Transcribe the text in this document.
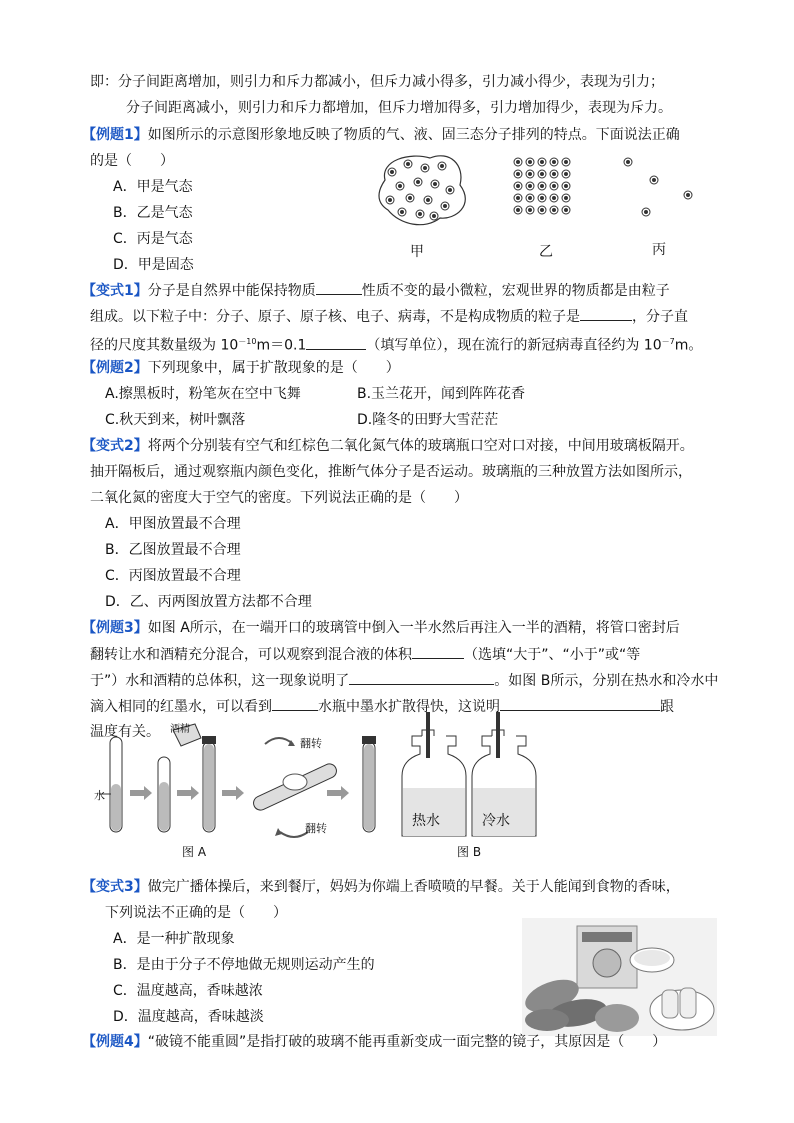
即：分子间距离增加，则引力和斥力都减小，但斥力减小得多，引力减小得少，表现为引力；
分子间距离减小，则引力和斥力都增加，但斥力增加得多，引力增加得少，表现为斥力。
【例题1】如图所示的示意图形象地反映了物质的气、液、固三态分子排列的特点。下面说法正确
的是（　　）
A．甲是气态
B．乙是气态
C．丙是气态
D．甲是固态
甲	乙	丙
【变式1】分子是自然界中能保持物质	性质不变的最小微粒，宏观世界的物质都是由粒子
组成。以下粒子中：分子、原子、原子核、电子、病毒，不是构成物质的粒子是	，分子直
径的尺度其数量级为 $10^{-10}m=0.1$	（填写单位），现在流行的新冠病毒直径约为 $10^{-7}m$。
【例题2】下列现象中，属于扩散现象的是（　　）
A.擦黑板时，粉笔灰在空中飞舞	B.玉兰花开，闻到阵阵花香
C.秋天到来，树叶飘落	D.隆冬的田野大雪茫茫
【变式2】将两个分别装有空气和红棕色二氧化氮气体的玻璃瓶口空对口对接，中间用玻璃板隔开。
抽开隔板后，通过观察瓶内颜色变化，推断气体分子是否运动。玻璃瓶的三种放置方法如图所示，
二氧化氮的密度大于空气的密度。下列说法正确的是（　　）
A．甲图放置最不合理
B．乙图放置最不合理
C．丙图放置最不合理
D．乙、丙两图放置方法都不合理
【例题3】如图 A所示，在一端开口的玻璃管中倒入一半水然后再注入一半的酒精，将管口密封后
翻转让水和酒精充分混合，可以观察到混合液的体积	（选填“大于”、“小于”或“等
于”）水和酒精的总体积，这一现象说明了	。如图 B所示，分别在热水和冷水中
滴入相同的红墨水，可以看到	水瓶中墨水扩散得快，这说明	跟
温度有关。
水
酒精
翻转
翻转
图 A
热水	冷水
图 B
【变式3】做完广播体操后，来到餐厅，妈妈为你端上香喷喷的早餐。关于人能闻到食物的香味，
下列说法不正确的是（　　）
A．是一种扩散现象
B．是由于分子不停地做无规则运动产生的
C．温度越高，香味越浓
D．温度越高，香味越淡
【例题4】“破镜不能重圆”是指打破的玻璃不能再重新变成一面完整的镜子，其原因是（　　）
